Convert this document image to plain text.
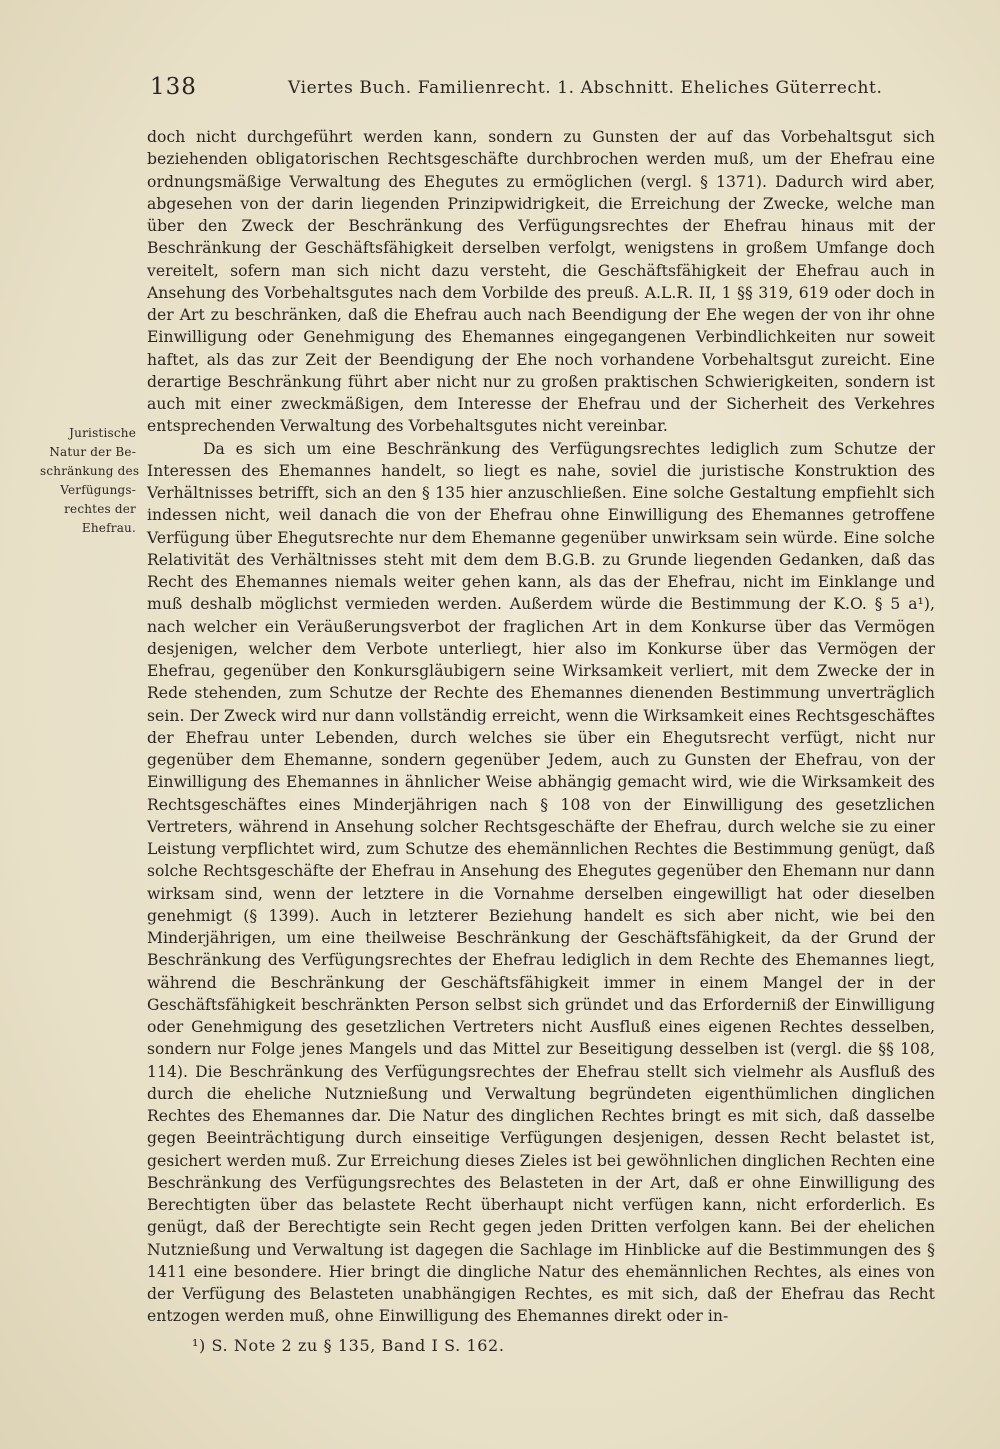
138	Viertes Buch. Familienrecht. 1. Abschnitt. Eheliches Güterrecht.
Juristische
Natur der Be-
schränkung des
Verfügungs-
rechtes der
Ehefrau.

doch nicht durchgeführt werden kann, sondern zu Gunsten der auf das Vorbehaltsgut sich beziehenden obligatorischen Rechtsgeschäfte durchbrochen werden muß, um der Ehefrau eine ordnungsmäßige Verwaltung des Ehegutes zu ermöglichen (vergl. § 1371). Dadurch wird aber, abgesehen von der darin liegenden Prinzipwidrigkeit, die Erreichung der Zwecke, welche man über den Zweck der Beschränkung des Verfügungsrechtes der Ehefrau hinaus mit der Beschränkung der Geschäftsfähigkeit derselben verfolgt, wenigstens in großem Umfange doch vereitelt, sofern man sich nicht dazu versteht, die Geschäftsfähigkeit der Ehefrau auch in Ansehung des Vorbehaltsgutes nach dem Vorbilde des preuß. A.L.R. II, 1 §§ 319, 619 oder doch in der Art zu beschränken, daß die Ehefrau auch nach Beendigung der Ehe wegen der von ihr ohne Einwilligung oder Genehmigung des Ehemannes eingegangenen Verbindlichkeiten nur soweit haftet, als das zur Zeit der Beendigung der Ehe noch vorhandene Vorbehaltsgut zureicht. Eine derartige Beschränkung führt aber nicht nur zu großen praktischen Schwierigkeiten, sondern ist auch mit einer zweckmäßigen, dem Interesse der Ehefrau und der Sicherheit des Verkehres entsprechenden Verwaltung des Vorbehaltsgutes nicht vereinbar.

Da es sich um eine Beschränkung des Verfügungsrechtes lediglich zum Schutze der Interessen des Ehemannes handelt, so liegt es nahe, soviel die juristische Konstruktion des Verhältnisses betrifft, sich an den § 135 hier anzuschließen. Eine solche Gestaltung empfiehlt sich indessen nicht, weil danach die von der Ehefrau ohne Einwilligung des Ehemannes getroffene Verfügung über Ehegutsrechte nur dem Ehemanne gegenüber unwirksam sein würde. Eine solche Relativität des Verhältnisses steht mit dem dem B.G.B. zu Grunde liegenden Gedanken, daß das Recht des Ehemannes niemals weiter gehen kann, als das der Ehefrau, nicht im Einklange und muß deshalb möglichst vermieden werden. Außerdem würde die Bestimmung der K.O. § 5 a¹), nach welcher ein Veräußerungsverbot der fraglichen Art in dem Konkurse über das Vermögen desjenigen, welcher dem Verbote unterliegt, hier also im Konkurse über das Vermögen der Ehefrau, gegenüber den Konkursgläubigern seine Wirksamkeit verliert, mit dem Zwecke der in Rede stehenden, zum Schutze der Rechte des Ehemannes dienenden Bestimmung unverträglich sein. Der Zweck wird nur dann vollständig erreicht, wenn die Wirksamkeit eines Rechtsgeschäftes der Ehefrau unter Lebenden, durch welches sie über ein Ehegutsrecht verfügt, nicht nur gegenüber dem Ehemanne, sondern gegenüber Jedem, auch zu Gunsten der Ehefrau, von der Einwilligung des Ehemannes in ähnlicher Weise abhängig gemacht wird, wie die Wirksamkeit des Rechtsgeschäftes eines Minderjährigen nach § 108 von der Einwilligung des gesetzlichen Vertreters, während in Ansehung solcher Rechtsgeschäfte der Ehefrau, durch welche sie zu einer Leistung verpflichtet wird, zum Schutze des ehemännlichen Rechtes die Bestimmung genügt, daß solche Rechtsgeschäfte der Ehefrau in Ansehung des Ehegutes gegenüber den Ehemann nur dann wirksam sind, wenn der letztere in die Vornahme derselben eingewilligt hat oder dieselben genehmigt (§ 1399). Auch in letzterer Beziehung handelt es sich aber nicht, wie bei den Minderjährigen, um eine theilweise Beschränkung der Geschäftsfähigkeit, da der Grund der Beschränkung des Verfügungsrechtes der Ehefrau lediglich in dem Rechte des Ehemannes liegt, während die Beschränkung der Geschäftsfähigkeit immer in einem Mangel der in der Geschäftsfähigkeit beschränkten Person selbst sich gründet und das Erforderniß der Einwilligung oder Genehmigung des gesetzlichen Vertreters nicht Ausfluß eines eigenen Rechtes desselben, sondern nur Folge jenes Mangels und das Mittel zur Beseitigung desselben ist (vergl. die §§ 108, 114). Die Beschränkung des Verfügungsrechtes der Ehefrau stellt sich vielmehr als Ausfluß des durch die eheliche Nutznießung und Verwaltung begründeten eigenthümlichen dinglichen Rechtes des Ehemannes dar. Die Natur des dinglichen Rechtes bringt es mit sich, daß dasselbe gegen Beeinträchtigung durch einseitige Verfügungen desjenigen, dessen Recht belastet ist, gesichert werden muß. Zur Erreichung dieses Zieles ist bei gewöhnlichen dinglichen Rechten eine Beschränkung des Verfügungsrechtes des Belasteten in der Art, daß er ohne Einwilligung des Berechtigten über das belastete Recht überhaupt nicht verfügen kann, nicht erforderlich. Es genügt, daß der Berechtigte sein Recht gegen jeden Dritten verfolgen kann. Bei der ehelichen Nutznießung und Verwaltung ist dagegen die Sachlage im Hinblicke auf die Bestimmungen des § 1411 eine besondere. Hier bringt die dingliche Natur des ehemännlichen Rechtes, als eines von der Verfügung des Belasteten unabhängigen Rechtes, es mit sich, daß der Ehefrau das Recht entzogen werden muß, ohne Einwilligung des Ehemannes direkt oder in-

¹) S. Note 2 zu § 135, Band I S. 162.
